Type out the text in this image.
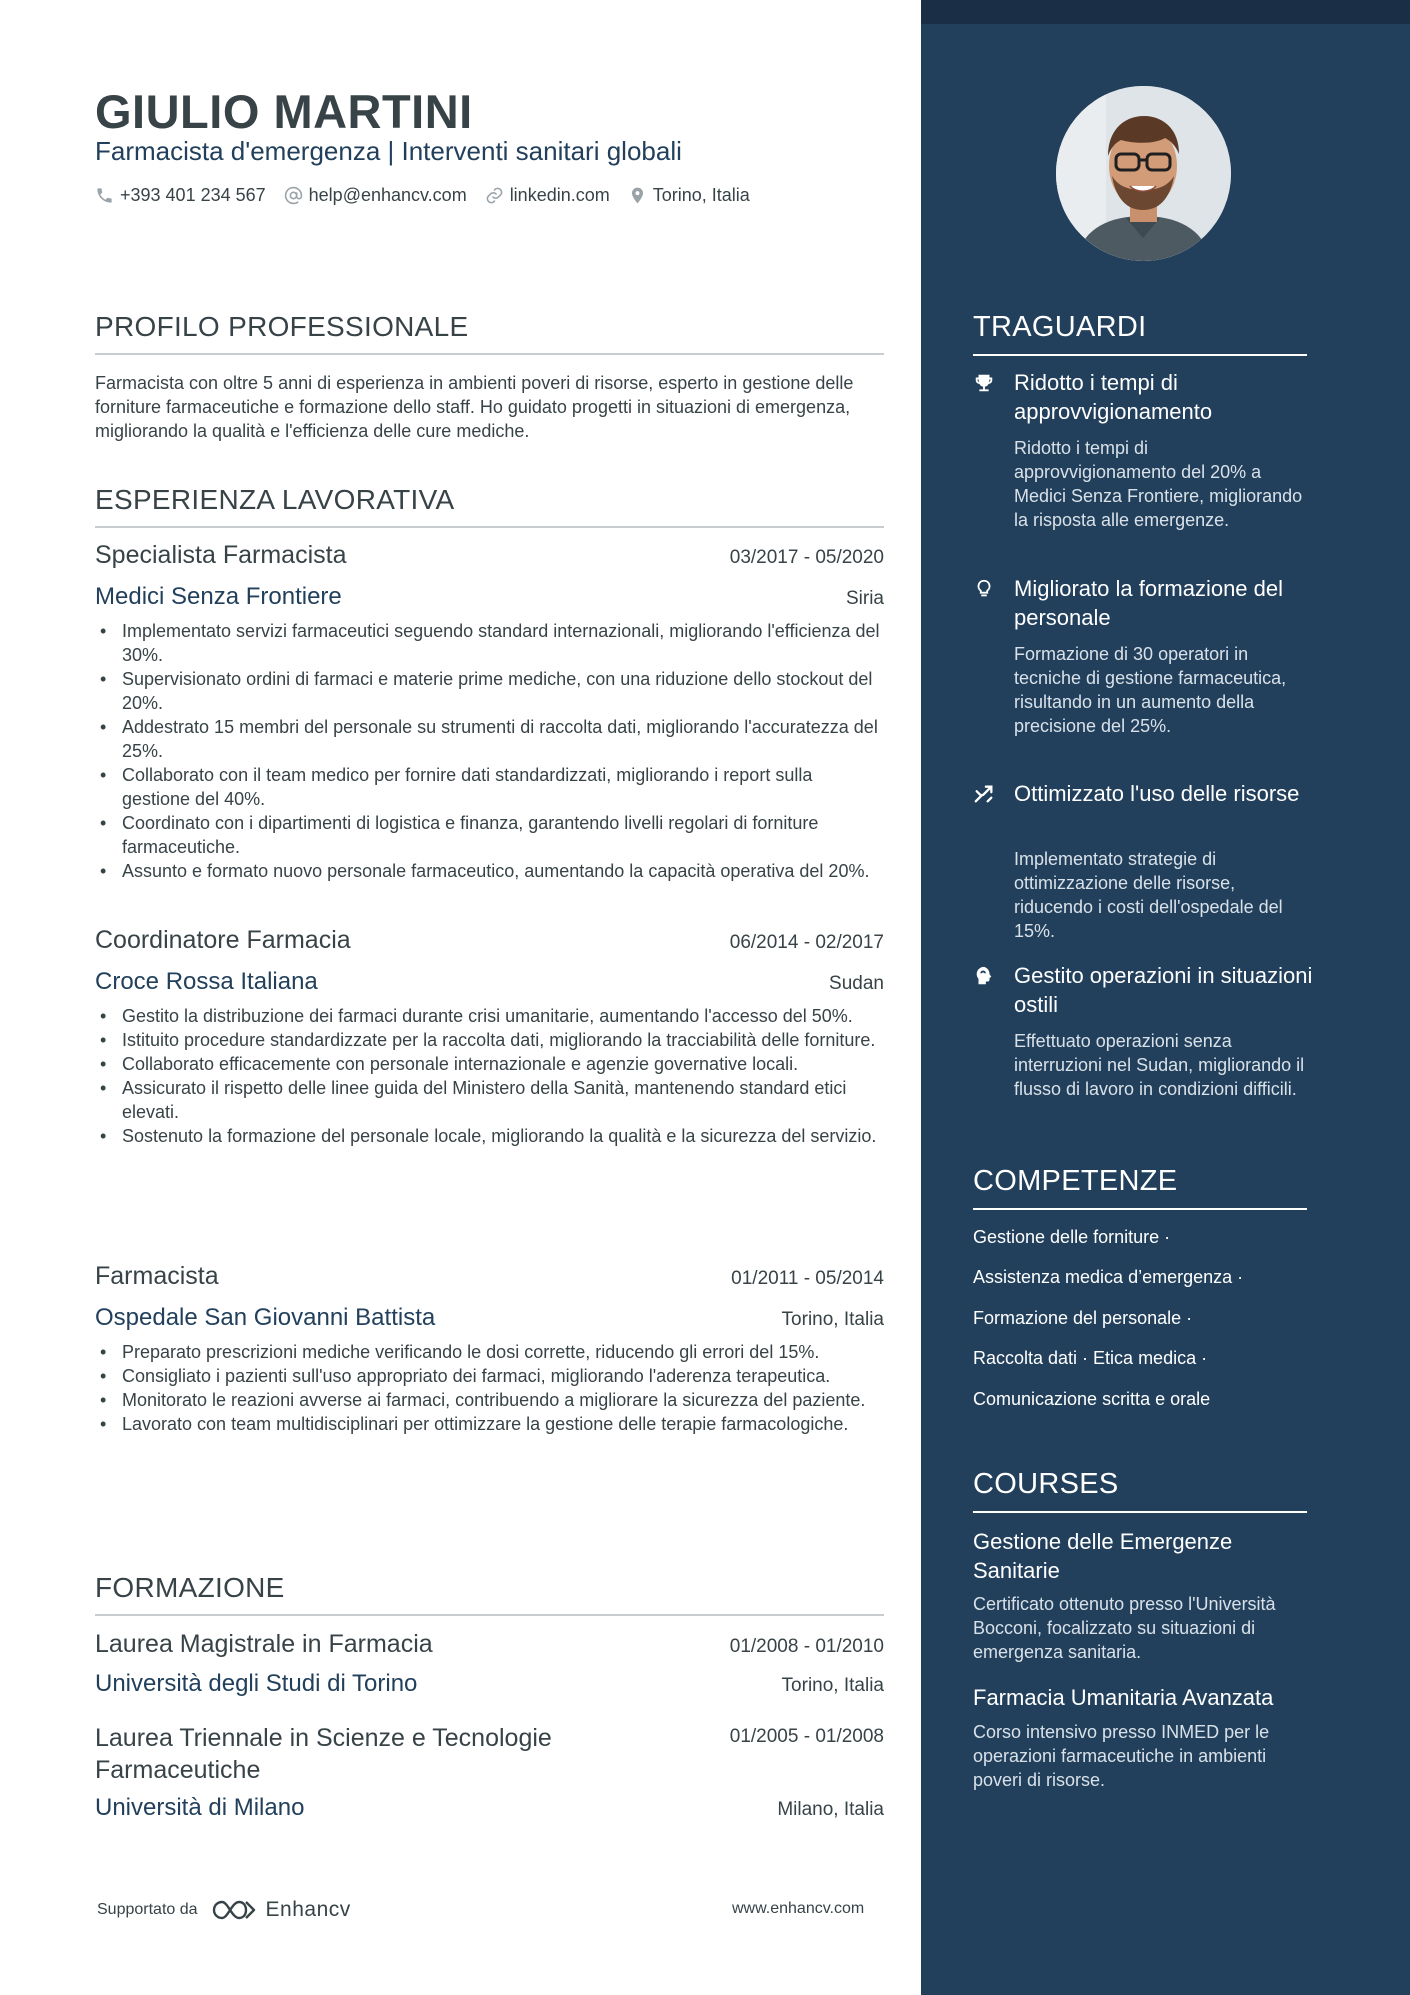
GIULIO MARTINI
Farmacista d'emergenza | Interventi sanitari globali
+393 401 234 567 help@enhancv.com linkedin.com Torino, Italia
PROFILO PROFESSIONALE
Farmacista con oltre 5 anni di esperienza in ambienti poveri di risorse, esperto in gestione delle forniture farmaceutiche e formazione dello staff. Ho guidato progetti in situazioni di emergenza, migliorando la qualità e l'efficienza delle cure mediche.
ESPERIENZA LAVORATIVA
Specialista Farmacista	03/2017 - 05/2020
Medici Senza Frontiere	Siria
• Implementato servizi farmaceutici seguendo standard internazionali, migliorando l'efficienza del 30%.
• Supervisionato ordini di farmaci e materie prime mediche, con una riduzione dello stockout del 20%.
• Addestrato 15 membri del personale su strumenti di raccolta dati, migliorando l'accuratezza del 25%.
• Collaborato con il team medico per fornire dati standardizzati, migliorando i report sulla gestione del 40%.
• Coordinato con i dipartimenti di logistica e finanza, garantendo livelli regolari di forniture farmaceutiche.
• Assunto e formato nuovo personale farmaceutico, aumentando la capacità operativa del 20%.
Coordinatore Farmacia	06/2014 - 02/2017
Croce Rossa Italiana	Sudan
• Gestito la distribuzione dei farmaci durante crisi umanitarie, aumentando l'accesso del 50%.
• Istituito procedure standardizzate per la raccolta dati, migliorando la tracciabilità delle forniture.
• Collaborato efficacemente con personale internazionale e agenzie governative locali.
• Assicurato il rispetto delle linee guida del Ministero della Sanità, mantenendo standard etici elevati.
• Sostenuto la formazione del personale locale, migliorando la qualità e la sicurezza del servizio.
Farmacista	01/2011 - 05/2014
Ospedale San Giovanni Battista	Torino, Italia
• Preparato prescrizioni mediche verificando le dosi corrette, riducendo gli errori del 15%.
• Consigliato i pazienti sull'uso appropriato dei farmaci, migliorando l'aderenza terapeutica.
• Monitorato le reazioni avverse ai farmaci, contribuendo a migliorare la sicurezza del paziente.
• Lavorato con team multidisciplinari per ottimizzare la gestione delle terapie farmacologiche.
FORMAZIONE
Laurea Magistrale in Farmacia	01/2008 - 01/2010
Università degli Studi di Torino	Torino, Italia
Laurea Triennale in Scienze e Tecnologie Farmaceutiche
01/2005 - 01/2008
Università di Milano	Milano, Italia
Supportato da	Enhancv	www.enhancv.com
TRAGUARDI
Ridotto i tempi di approvvigionamento
Ridotto i tempi di approvvigionamento del 20% a Medici Senza Frontiere, migliorando la risposta alle emergenze.
Migliorato la formazione del personale
Formazione di 30 operatori in tecniche di gestione farmaceutica, risultando in un aumento della precisione del 25%.
Ottimizzato l'uso delle risorse
Implementato strategie di ottimizzazione delle risorse, riducendo i costi dell'ospedale del 15%.
Gestito operazioni in situazioni ostili
Effettuato operazioni senza interruzioni nel Sudan, migliorando il flusso di lavoro in condizioni difficili.
COMPETENZE
Gestione delle forniture ·
Assistenza medica d’emergenza ·
Formazione del personale ·
Raccolta dati · Etica medica ·
Comunicazione scritta e orale
COURSES
Gestione delle Emergenze Sanitarie
Certificato ottenuto presso l'Università Bocconi, focalizzato su situazioni di emergenza sanitaria.
Farmacia Umanitaria Avanzata
Corso intensivo presso INMED per le operazioni farmaceutiche in ambienti poveri di risorse.
